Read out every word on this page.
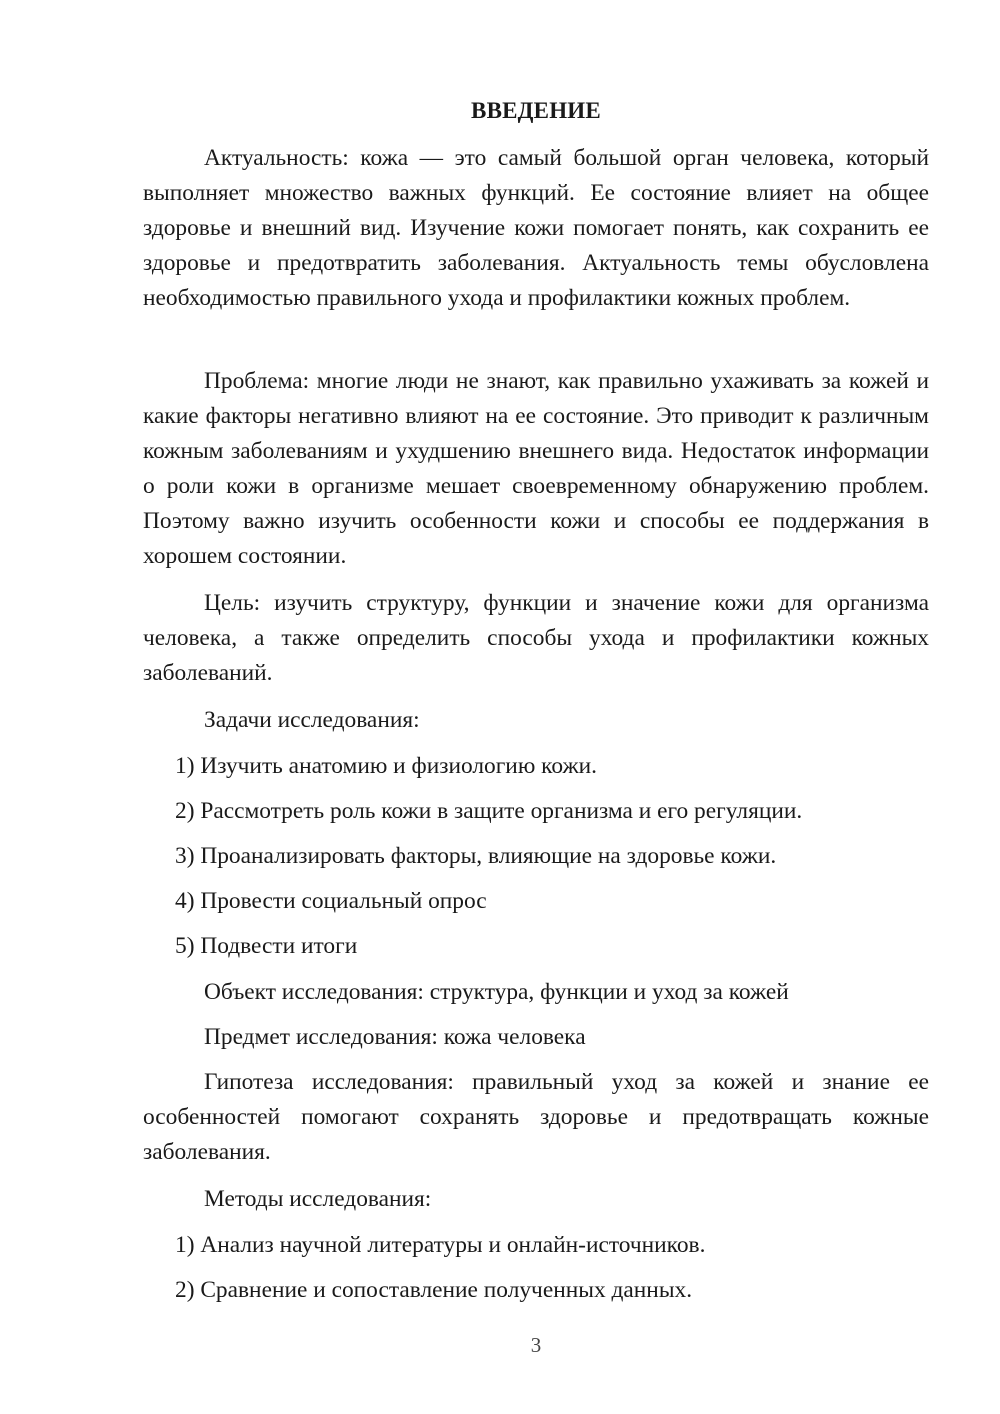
ВВЕДЕНИЕ

Актуальность: кожа — это самый большой орган человека, который выполняет множество важных функций. Ее состояние влияет на общее здоровье и внешний вид. Изучение кожи помогает понять, как сохранить ее здоровье и предотвратить заболевания. Актуальность темы обусловлена необходимостью правильного ухода и профилактики кожных проблем.

Проблема: многие люди не знают, как правильно ухаживать за кожей и какие факторы негативно влияют на ее состояние. Это приводит к различным кожным заболеваниям и ухудшению внешнего вида. Недостаток информации о роли кожи в организме мешает своевременному обнаружению проблем. Поэтому важно изучить особенности кожи и способы ее поддержания в хорошем состоянии.

Цель: изучить структуру, функции и значение кожи для организма человека, а также определить способы ухода и профилактики кожных заболеваний.

Задачи исследования:
1) Изучить анатомию и физиологию кожи.
2) Рассмотреть роль кожи в защите организма и его регуляции.
3) Проанализировать факторы, влияющие на здоровье кожи.
4) Провести социальный опрос
5) Подвести итоги
Объект исследования: структура, функции и уход за кожей
Предмет исследования: кожа человека

Гипотеза исследования: правильный уход за кожей и знание ее особенностей помогают сохранять здоровье и предотвращать кожные заболевания.

Методы исследования:
1) Анализ научной литературы и онлайн-источников.
2) Сравнение и сопоставление полученных данных.
3
